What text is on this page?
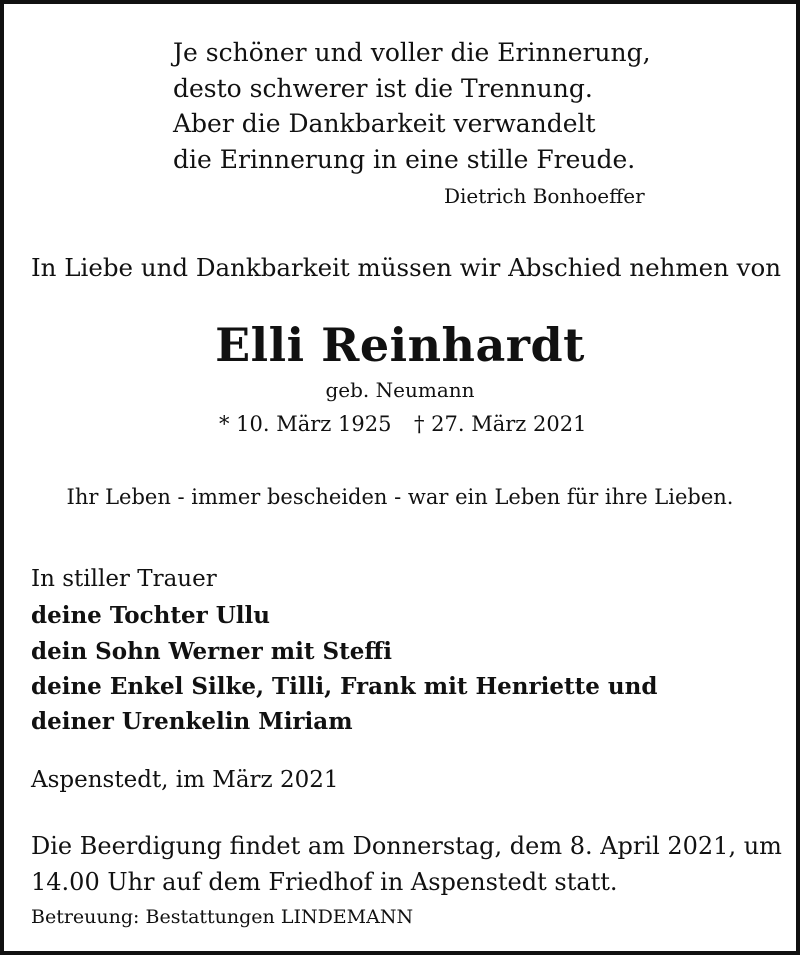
Je schöner und voller die Erinnerung,
desto schwerer ist die Trennung.
Aber die Dankbarkeit verwandelt
die Erinnerung in eine stille Freude.
Dietrich Bonhoeffer
In Liebe und Dankbarkeit müssen wir Abschied nehmen von
Elli Reinhardt
geb. Neumann
* 10. März 1925 † 27. März 2021
Ihr Leben - immer bescheiden - war ein Leben für ihre Lieben.
In stiller Trauer
deine Tochter Ullu
dein Sohn Werner mit Steffi
deine Enkel Silke, Tilli, Frank mit Henriette und
deiner Urenkelin Miriam
Aspenstedt, im März 2021
Die Beerdigung findet am Donnerstag, dem 8. April 2021, um
14.00 Uhr auf dem Friedhof in Aspenstedt statt.
Betreuung: Bestattungen LINDEMANN
